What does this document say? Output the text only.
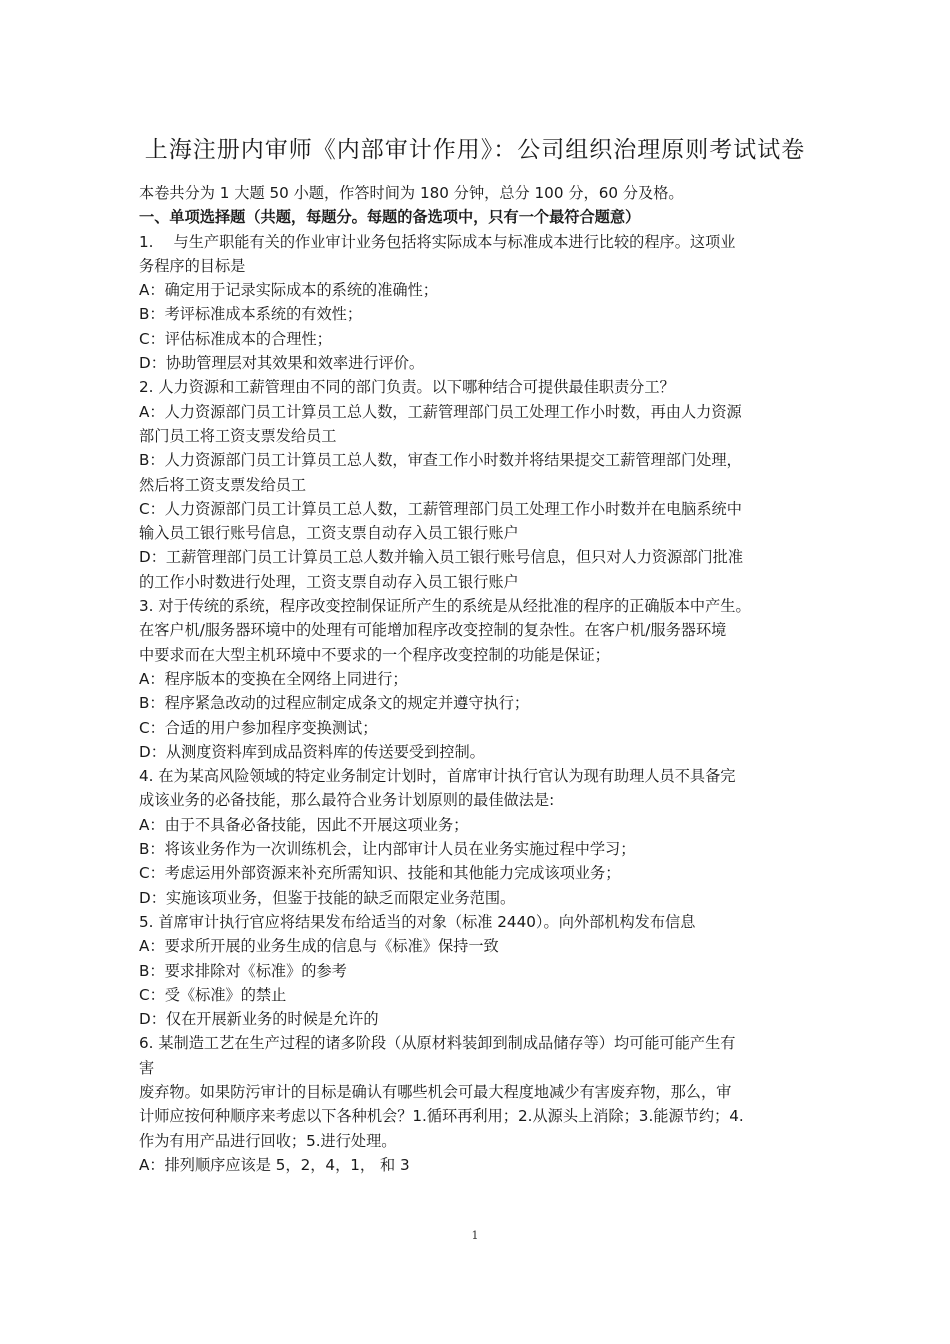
上海注册内审师《内部审计作用》：公司组织治理原则考试试卷
本卷共分为 1 大题 50 小题，作答时间为 180 分钟，总分 100 分，60 分及格。
一、单项选择题（共题，每题分。每题的备选项中，只有一个最符合题意）
1.　 与生产职能有关的作业审计业务包括将实际成本与标准成本进行比较的程序。这项业
务程序的目标是
A：确定用于记录实际成本的系统的准确性；
B：考评标准成本系统的有效性；
C：评估标准成本的合理性；
D：协助管理层对其效果和效率进行评价。
2. 人力资源和工薪管理由不同的部门负责。以下哪种结合可提供最佳职责分工？
A：人力资源部门员工计算员工总人数，工薪管理部门员工处理工作小时数，再由人力资源
部门员工将工资支票发给员工
B：人力资源部门员工计算员工总人数，审查工作小时数并将结果提交工薪管理部门处理，
然后将工资支票发给员工
C：人力资源部门员工计算员工总人数，工薪管理部门员工处理工作小时数并在电脑系统中
输入员工银行账号信息，工资支票自动存入员工银行账户
D：工薪管理部门员工计算员工总人数并输入员工银行账号信息，但只对人力资源部门批准
的工作小时数进行处理，工资支票自动存入员工银行账户
3. 对于传统的系统，程序改变控制保证所产生的系统是从经批准的程序的正确版本中产生。
在客户机/服务器环境中的处理有可能增加程序改变控制的复杂性。在客户机/服务器环境
中要求而在大型主机环境中不要求的一个程序改变控制的功能是保证；
A：程序版本的变换在全网络上同进行；
B：程序紧急改动的过程应制定成条文的规定并遵守执行；
C：合适的用户参加程序变换测试；
D：从测度资料库到成品资料库的传送要受到控制。
4. 在为某高风险领域的特定业务制定计划时，首席审计执行官认为现有助理人员不具备完
成该业务的必备技能，那么最符合业务计划原则的最佳做法是:
A：由于不具备必备技能，因此不开展这项业务；
B：将该业务作为一次训练机会，让内部审计人员在业务实施过程中学习；
C：考虑运用外部资源来补充所需知识、技能和其他能力完成该项业务；
D：实施该项业务，但鉴于技能的缺乏而限定业务范围。
5. 首席审计执行官应将结果发布给适当的对象（标准 2440）。向外部机构发布信息
A：要求所开展的业务生成的信息与《标准》保持一致
B：要求排除对《标准》的参考
C：受《标准》的禁止
D：仅在开展新业务的时候是允许的
6. 某制造工艺在生产过程的诸多阶段（从原材料装卸到制成品储存等）均可能可能产生有
害
废弃物。如果防污审计的目标是确认有哪些机会可最大程度地减少有害废弃物，那么，审
计师应按何种顺序来考虑以下各种机会？1.循环再利用；2.从源头上消除；3.能源节约；4.
作为有用产品进行回收；5.进行处理。
A：排列顺序应该是 5，2，4，1， 和 3
1
